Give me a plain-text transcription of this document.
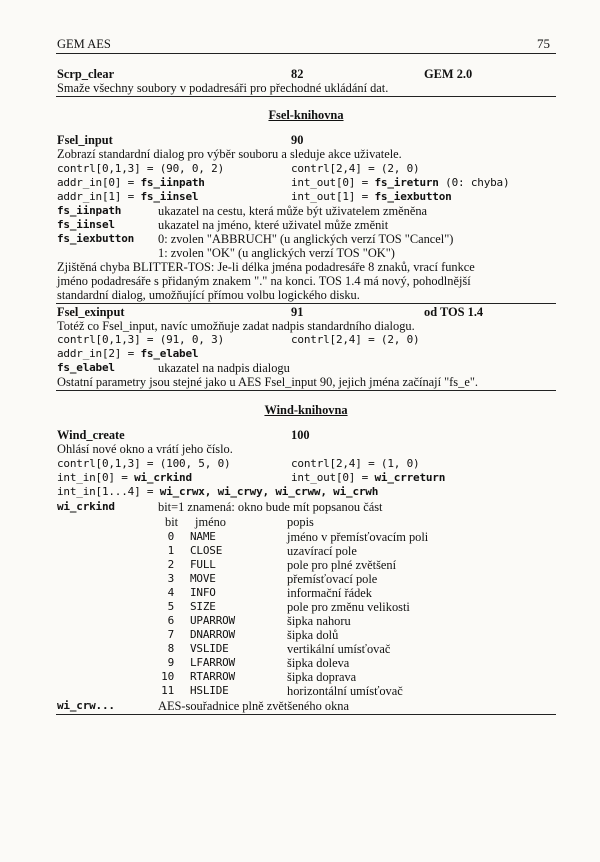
GEM AES	75
Scrp_clear	82	GEM 2.0
Smaže všechny soubory v podadresáři pro přechodné ukládání dat.
Fsel-knihovna
Fsel_input	90
Zobrazí standardní dialog pro výběr souboru a sleduje akce uživatele.
contrl[0,1,3] = (90, 0, 2)	contrl[2,4] = (2, 0)
addr_in[0] = fs_iinpath	int_out[0] = fs_ireturn (0: chyba)
addr_in[1] = fs_iinsel	int_out[1] = fs_iexbutton
fs_iinpath	ukazatel na cestu, která může být uživatelem změněna
fs_iinsel	ukazatel na jméno, které uživatel může změnit
fs_iexbutton 0: zvolen "ABBRUCH" (u anglických verzí TOS "Cancel")
1: zvolen "OK" (u anglických verzí TOS "OK")
Zjištěná chyba BLITTER-TOS: Je-li délka jména podadresáře 8 znaků, vrací funkce
jméno podadresáře s přidaným znakem "." na konci. TOS 1.4 má nový, pohodlnější
standardní dialog, umožňující přímou volbu logického disku.
Fsel_exinput	91	od TOS 1.4
Totéž co Fsel_input, navíc umožňuje zadat nadpis standardního dialogu.
contrl[0,1,3] = (91, 0, 3)	contrl[2,4] = (2, 0)
addr_in[2] = fs_elabel
fs_elabel	ukazatel na nadpis dialogu
Ostatní parametry jsou stejné jako u AES Fsel_input 90, jejich jména začínají "fs_e".
Wind-knihovna
Wind_create	100
Ohlásí nové okno a vrátí jeho číslo.
contrl[0,1,3] = (100, 5, 0)	contrl[2,4] = (1, 0)
int_in[0] = wi_crkind	int_out[0] = wi_crreturn
int_in[1...4] = wi_crwx, wi_crwy, wi_crww, wi_crwh
wi_crkind	bit=1 znamená: okno bude mít popsanou část
bit jméno	popis
0 NAME	jméno v přemísťovacím poli
1 CLOSE	uzavírací pole
2 FULL	pole pro plné zvětšení
3 MOVE	přemísťovací pole
4 INFO	informační řádek
5 SIZE	pole pro změnu velikosti
6 UPARROW	šipka nahoru
7 DNARROW	šipka dolů
8 VSLIDE	vertikální umísťovač
9 LFARROW	šipka doleva
10 RTARROW	šipka doprava
11 HSLIDE	horizontální umísťovač
wi_crw...	AES-souřadnice plně zvětšeného okna
